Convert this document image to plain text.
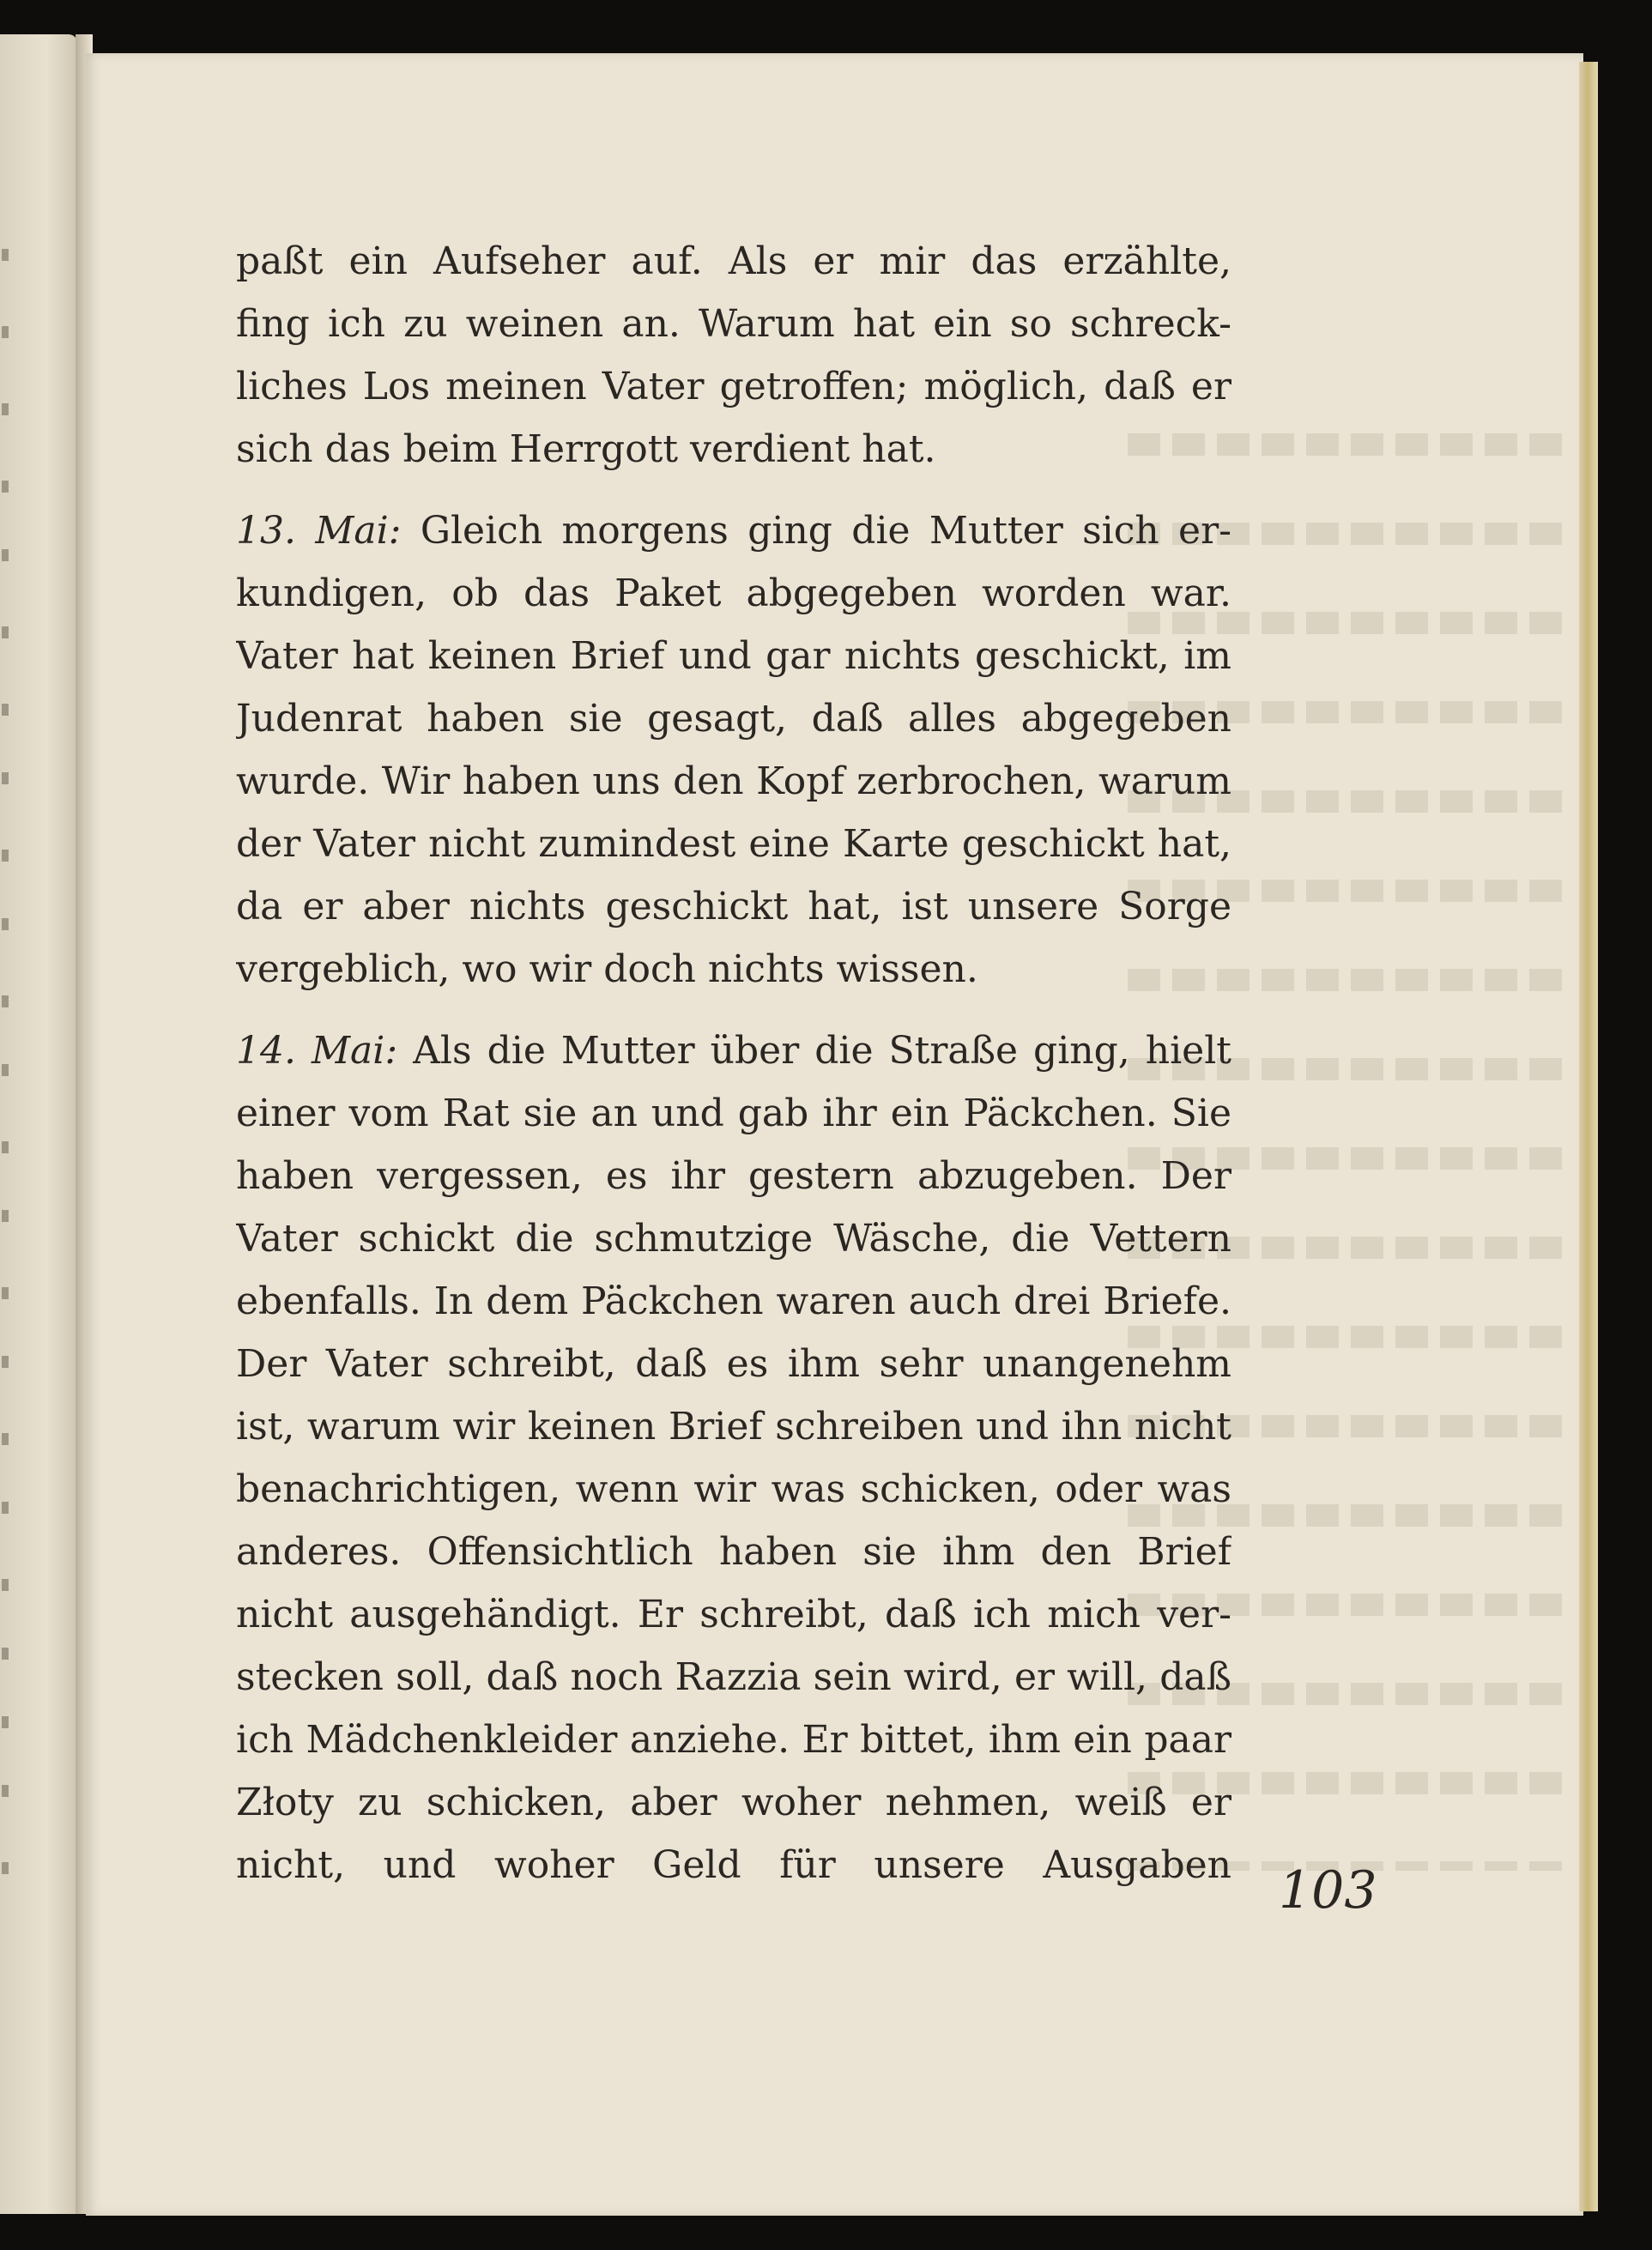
paßt ein Aufseher auf. Als er mir das erzählte,
fing ich zu weinen an. Warum hat ein so schreck-
liches Los meinen Vater getroffen; möglich, daß er
sich das beim Herrgott verdient hat.
13. Mai: Gleich morgens ging die Mutter sich er-
kundigen, ob das Paket abgegeben worden war.
Vater hat keinen Brief und gar nichts geschickt, im
Judenrat haben sie gesagt, daß alles abgegeben
wurde. Wir haben uns den Kopf zerbrochen, warum
der Vater nicht zumindest eine Karte geschickt hat,
da er aber nichts geschickt hat, ist unsere Sorge
vergeblich, wo wir doch nichts wissen.
14. Mai: Als die Mutter über die Straße ging, hielt
einer vom Rat sie an und gab ihr ein Päckchen. Sie
haben vergessen, es ihr gestern abzugeben. Der
Vater schickt die schmutzige Wäsche, die Vettern
ebenfalls. In dem Päckchen waren auch drei Briefe.
Der Vater schreibt, daß es ihm sehr unangenehm
ist, warum wir keinen Brief schreiben und ihn nicht
benachrichtigen, wenn wir was schicken, oder was
anderes. Offensichtlich haben sie ihm den Brief
nicht ausgehändigt. Er schreibt, daß ich mich ver-
stecken soll, daß noch Razzia sein wird, er will, daß
ich Mädchenkleider anziehe. Er bittet, ihm ein paar
Złoty zu schicken, aber woher nehmen, weiß er
nicht, und woher Geld für unsere Ausgaben 103
